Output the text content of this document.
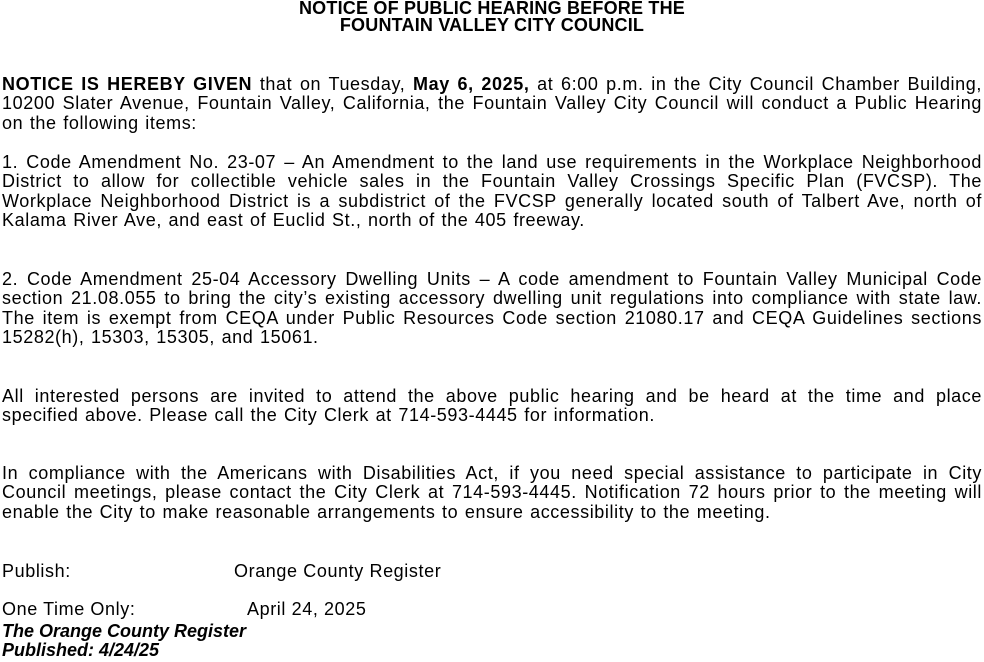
NOTICE OF PUBLIC HEARING BEFORE THE
FOUNTAIN VALLEY CITY COUNCIL

NOTICE IS HEREBY GIVEN that on Tuesday, May 6, 2025, at 6:00 p.m. in the City Council Chamber Building, 10200 Slater Avenue, Fountain Valley, California, the Fountain Valley City Council will conduct a Public Hearing on the following items:

1. Code Amendment No. 23-07 – An Amendment to the land use requirements in the Workplace Neighborhood District to allow for collectible vehicle sales in the Fountain Valley Crossings Specific Plan (FVCSP). The Workplace Neighborhood District is a subdistrict of the FVCSP generally located south of Talbert Ave, north of Kalama River Ave, and east of Euclid St., north of the 405 freeway.

2. Code Amendment 25-04 Accessory Dwelling Units – A code amendment to Fountain Valley Municipal Code section 21.08.055 to bring the city’s existing accessory dwelling unit regulations into compliance with state law. The item is exempt from CEQA under Public Resources Code section 21080.17 and CEQA Guidelines sections 15282(h), 15303, 15305, and 15061.

All interested persons are invited to attend the above public hearing and be heard at the time and place specified above. Please call the City Clerk at 714-593-4445 for information.

In compliance with the Americans with Disabilities Act, if you need special assistance to participate in City Council meetings, please contact the City Clerk at 714-593-4445. Notification 72 hours prior to the meeting will enable the City to make reasonable arrangements to ensure accessibility to the meeting.

Publish:	Orange County Register
One Time Only:	April 24, 2025
The Orange County Register
Published: 4/24/25
